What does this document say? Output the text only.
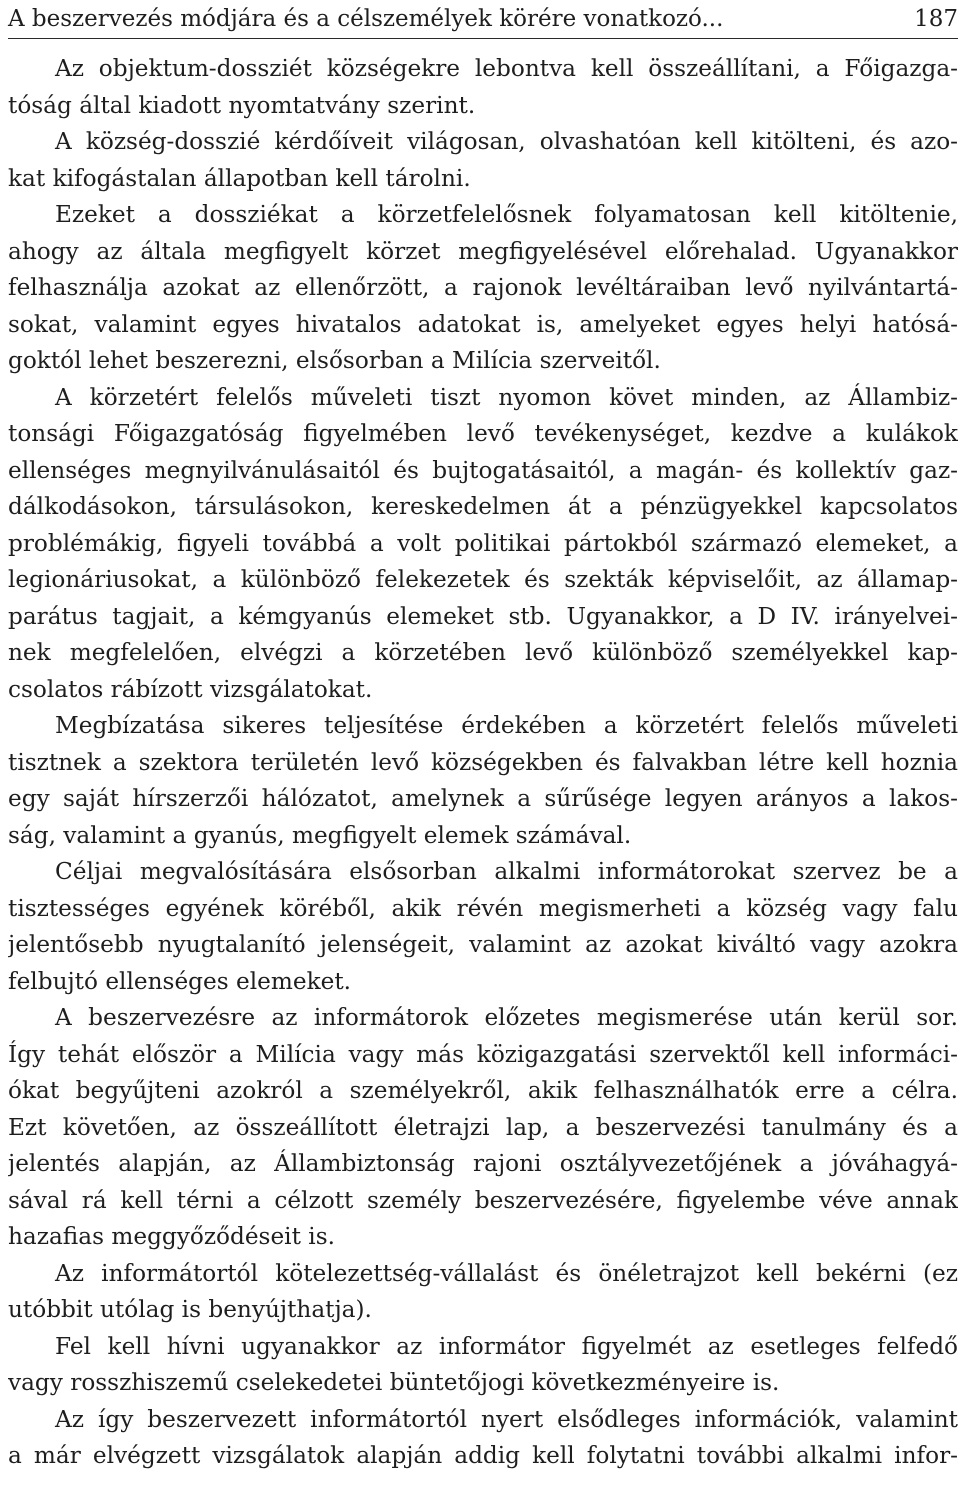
A beszervezés módjára és a célszemélyek körére vonatkozó...	187
Az objektum-dossziét községekre lebontva kell összeállítani, a Főigazga-
tóság által kiadott nyomtatvány szerint.
A község-dosszié kérdőíveit világosan, olvashatóan kell kitölteni, és azo-
kat kifogástalan állapotban kell tárolni.
Ezeket a dossziékat a körzetfelelősnek folyamatosan kell kitöltenie,
ahogy az általa megfigyelt körzet megfigyelésével előrehalad. Ugyanakkor
felhasználja azokat az ellenőrzött, a rajonok levéltáraiban levő nyilvántartá-
sokat, valamint egyes hivatalos adatokat is, amelyeket egyes helyi hatósá-
goktól lehet beszerezni, elsősorban a Milícia szerveitől.
A körzetért felelős műveleti tiszt nyomon követ minden, az Állambiz-
tonsági Főigazgatóság figyelmében levő tevékenységet, kezdve a kulákok
ellenséges megnyilvánulásaitól és bujtogatásaitól, a magán- és kollektív gaz-
dálkodásokon, társulásokon, kereskedelmen át a pénzügyekkel kapcsolatos
problémákig, figyeli továbbá a volt politikai pártokból származó elemeket, a
legionáriusokat, a különböző felekezetek és szekták képviselőit, az államap-
parátus tagjait, a kémgyanús elemeket stb. Ugyanakkor, a D IV. irányelvei-
nek megfelelően, elvégzi a körzetében levő különböző személyekkel kap-
csolatos rábízott vizsgálatokat.
Megbízatása sikeres teljesítése érdekében a körzetért felelős műveleti
tisztnek a szektora területén levő községekben és falvakban létre kell hoznia
egy saját hírszerzői hálózatot, amelynek a sűrűsége legyen arányos a lakos-
ság, valamint a gyanús, megfigyelt elemek számával.
Céljai megvalósítására elsősorban alkalmi informátorokat szervez be a
tisztességes egyének köréből, akik révén megismerheti a község vagy falu
jelentősebb nyugtalanító jelenségeit, valamint az azokat kiváltó vagy azokra
felbujtó ellenséges elemeket.
A beszervezésre az informátorok előzetes megismerése után kerül sor.
Így tehát először a Milícia vagy más közigazgatási szervektől kell informáci-
ókat begyűjteni azokról a személyekről, akik felhasználhatók erre a célra.
Ezt követően, az összeállított életrajzi lap, a beszervezési tanulmány és a
jelentés alapján, az Állambiztonság rajoni osztályvezetőjének a jóváhagyá-
sával rá kell térni a célzott személy beszervezésére, figyelembe véve annak
hazafias meggyőződéseit is.
Az informátortól kötelezettség-vállalást és önéletrajzot kell bekérni (ez
utóbbit utólag is benyújthatja).
Fel kell hívni ugyanakkor az informátor figyelmét az esetleges felfedő
vagy rosszhiszemű cselekedetei büntetőjogi következményeire is.
Az így beszervezett informátortól nyert elsődleges információk, valamint
a már elvégzett vizsgálatok alapján addig kell folytatni további alkalmi infor-
